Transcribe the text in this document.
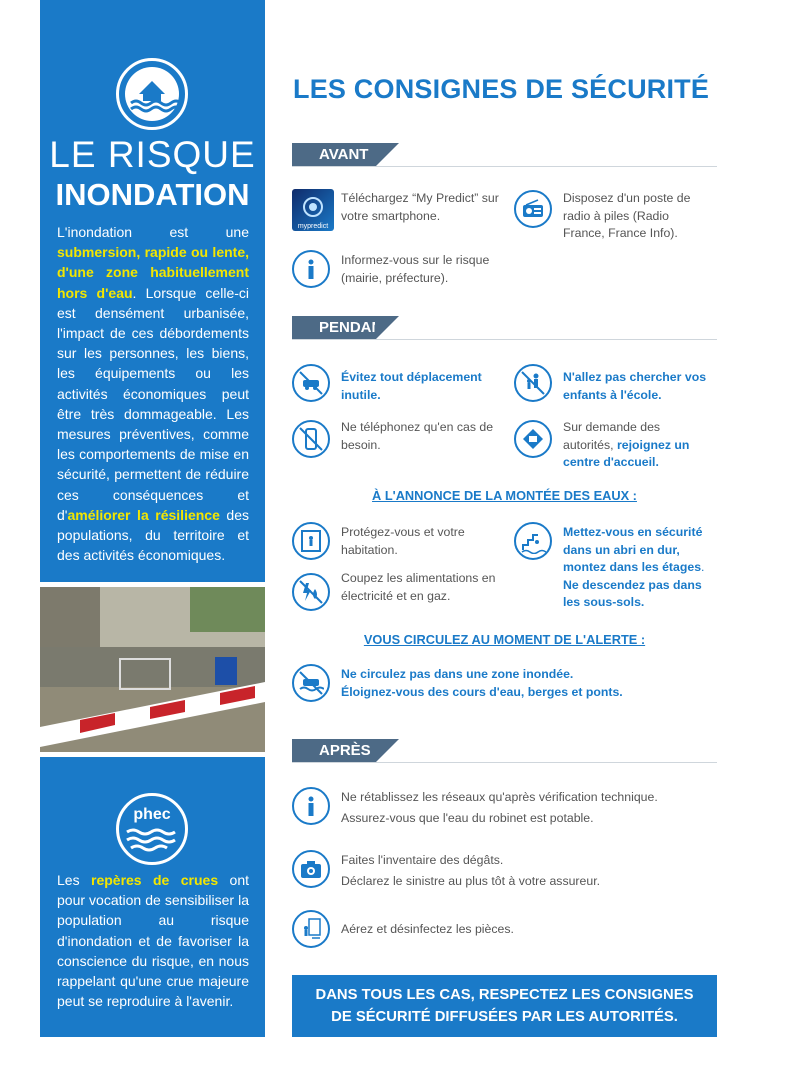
LE RISQUE
INONDATION
L'inondation est une submersion, rapide ou lente, d'une zone habituellement hors d'eau. Lorsque celle-ci est densément urbanisée, l'impact de ces débordements sur les personnes, les biens, les équipements ou les activités économiques peut être très dommageable. Les mesures préventives, comme les comportements de mise en sécurité, permettent de réduire ces conséquences et d'améliorer la résilience des populations, du territoire et des activités économiques.
phec
Les repères de crues ont pour vocation de sensibiliser la population au risque d'inondation et de favoriser la conscience du risque, en nous rappelant qu'une crue majeure peut se reproduire à l'avenir.
LES CONSIGNES DE SÉCURITÉ
AVANT
mypredict
Téléchargez “My Predict” sur votre smartphone.
Disposez d'un poste de radio à piles (Radio France, France Info).
Informez-vous sur le risque (mairie, préfecture).
PENDANT
Évitez tout déplacement inutile.
N'allez pas chercher vos enfants à l'école.
Ne téléphonez qu'en cas de besoin.
Sur demande des autorités, rejoignez un centre d'accueil.
À L'ANNONCE DE LA MONTÉE DES EAUX :
Protégez-vous et votre habitation.
Coupez les alimentations en électricité et en gaz.
Mettez-vous en sécurité dans un abri en dur, montez dans les étages.
Ne descendez pas dans les sous-sols.
VOUS CIRCULEZ AU MOMENT DE L'ALERTE :
Ne circulez pas dans une zone inondée.
Éloignez-vous des cours d'eau, berges et ponts.
APRÈS
Ne rétablissez les réseaux qu'après vérification technique.
Assurez-vous que l'eau du robinet est potable.
Faites l'inventaire des dégâts.
Déclarez le sinistre au plus tôt à votre assureur.
Aérez et désinfectez les pièces.
DANS TOUS LES CAS, RESPECTEZ LES CONSIGNES
DE SÉCURITÉ DIFFUSÉES PAR LES AUTORITÉS.
